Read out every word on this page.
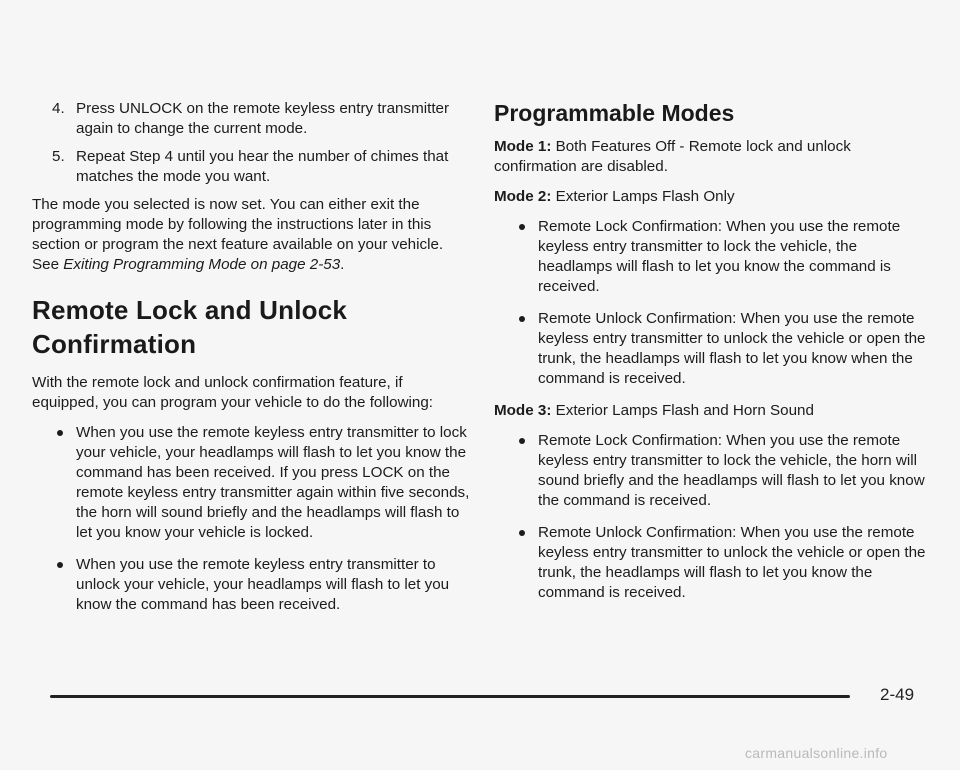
4. Press UNLOCK on the remote keyless entry transmitter again to change the current mode.
5. Repeat Step 4 until you hear the number of chimes that matches the mode you want.

The mode you selected is now set. You can either exit the programming mode by following the instructions later in this section or program the next feature available on your vehicle. See Exiting Programming Mode on page 2-53.

Remote Lock and Unlock Confirmation

With the remote lock and unlock confirmation feature, if equipped, you can program your vehicle to do the following:

When you use the remote keyless entry transmitter to lock your vehicle, your headlamps will flash to let you know the command has been received. If you press LOCK on the remote keyless entry transmitter again within five seconds, the horn will sound briefly and the headlamps will flash to let you know your vehicle is locked.
When you use the remote keyless entry transmitter to unlock your vehicle, your headlamps will flash to let you know the command has been received.
Programmable Modes

Mode 1: Both Features Off - Remote lock and unlock confirmation are disabled.

Mode 2: Exterior Lamps Flash Only

Remote Lock Confirmation: When you use the remote keyless entry transmitter to lock the vehicle, the headlamps will flash to let you know the command is received.
Remote Unlock Confirmation: When you use the remote keyless entry transmitter to unlock the vehicle or open the trunk, the headlamps will flash to let you know when the command is received.

Mode 3: Exterior Lamps Flash and Horn Sound

Remote Lock Confirmation: When you use the remote keyless entry transmitter to lock the vehicle, the horn will sound briefly and the headlamps will flash to let you know the command is received.
Remote Unlock Confirmation: When you use the remote keyless entry transmitter to unlock the vehicle or open the trunk, the headlamps will flash to let you know the command is received.
2-49
carmanualsonline.info
